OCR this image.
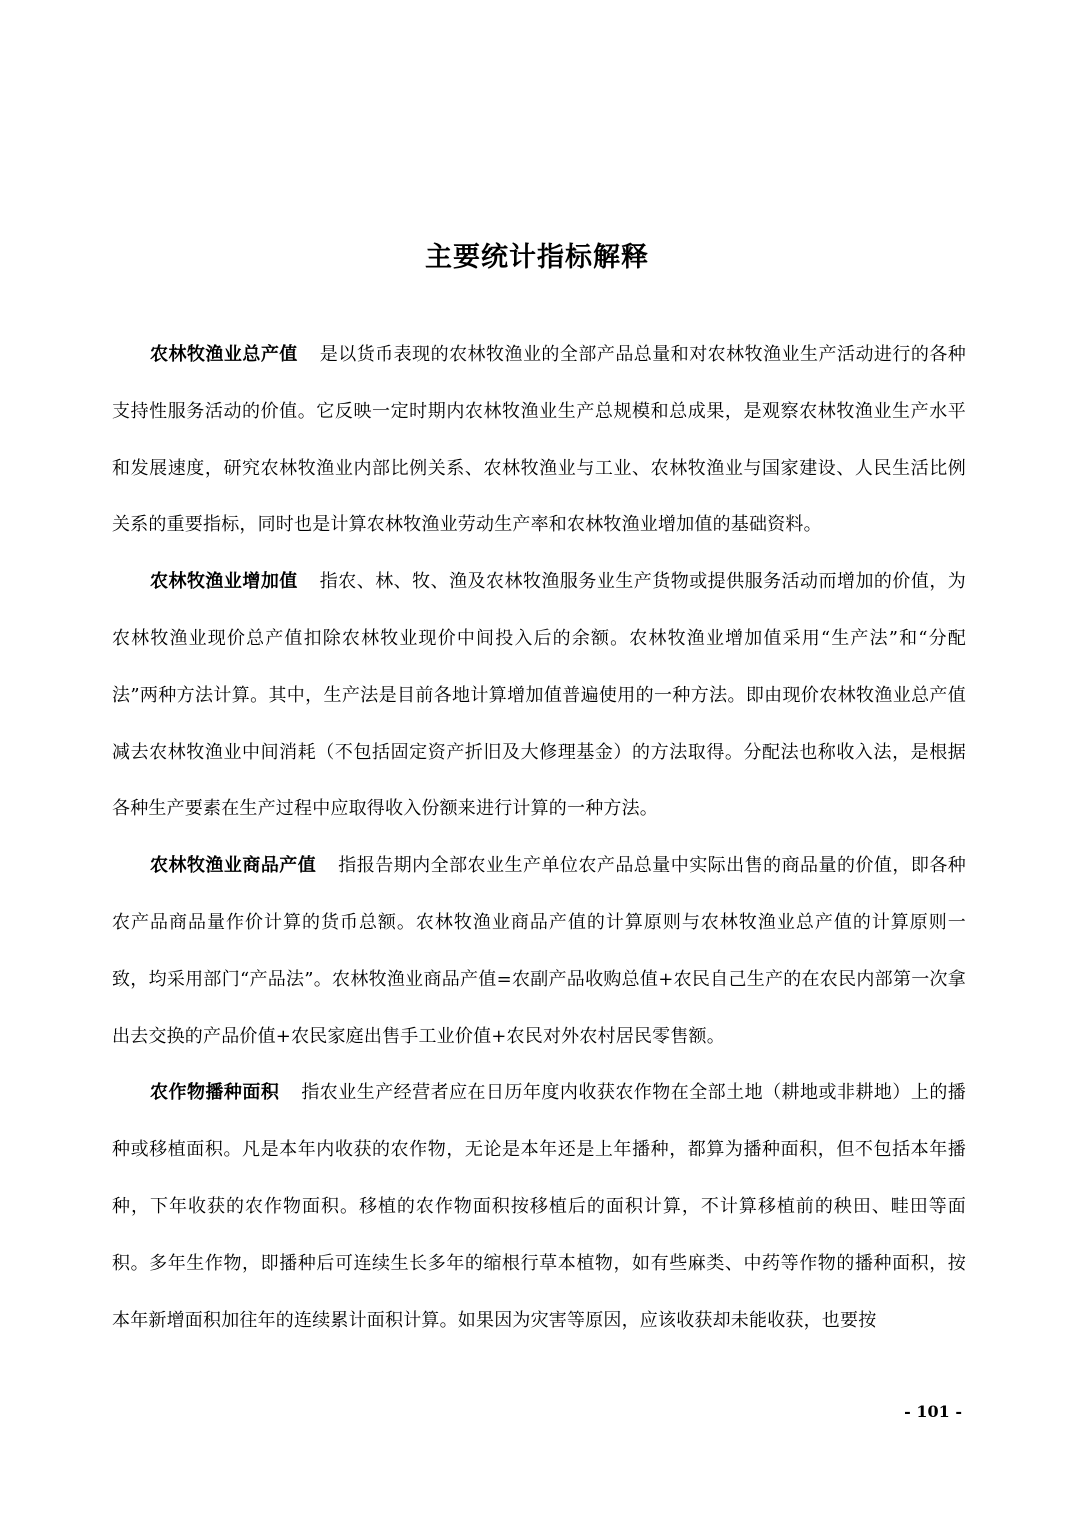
主要统计指标解释

农林牧渔业总产值 是以货币表现的农林牧渔业的全部产品总量和对农林牧渔业生产活动进行的各种支持性服务活动的价值。它反映一定时期内农林牧渔业生产总规模和总成果，是观察农林牧渔业生产水平和发展速度，研究农林牧渔业内部比例关系、农林牧渔业与工业、农林牧渔业与国家建设、人民生活比例关系的重要指标，同时也是计算农林牧渔业劳动生产率和农林牧渔业增加值的基础资料。

农林牧渔业增加值 指农、林、牧、渔及农林牧渔服务业生产货物或提供服务活动而增加的价值，为农林牧渔业现价总产值扣除农林牧业现价中间投入后的余额。农林牧渔业增加值采用“生产法”和“分配法”两种方法计算。其中，生产法是目前各地计算增加值普遍使用的一种方法。即由现价农林牧渔业总产值减去农林牧渔业中间消耗（不包括固定资产折旧及大修理基金）的方法取得。分配法也称收入法，是根据各种生产要素在生产过程中应取得收入份额来进行计算的一种方法。

农林牧渔业商品产值 指报告期内全部农业生产单位农产品总量中实际出售的商品量的价值，即各种农产品商品量作价计算的货币总额。农林牧渔业商品产值的计算原则与农林牧渔业总产值的计算原则一致，均采用部门“产品法”。农林牧渔业商品产值=农副产品收购总值+农民自己生产的在农民内部第一次拿出去交换的产品价值+农民家庭出售手工业价值+农民对外农村居民零售额。

农作物播种面积 指农业生产经营者应在日历年度内收获农作物在全部土地（耕地或非耕地）上的播种或移植面积。凡是本年内收获的农作物，无论是本年还是上年播种，都算为播种面积，但不包括本年播种，下年收获的农作物面积。移植的农作物面积按移植后的面积计算，不计算移植前的秧田、畦田等面积。多年生作物，即播种后可连续生长多年的缩根行草本植物，如有些麻类、中药等作物的播种面积，按本年新增面积加往年的连续累计面积计算。如果因为灾害等原因，应该收获却未能收获，也要按

- 101 -
